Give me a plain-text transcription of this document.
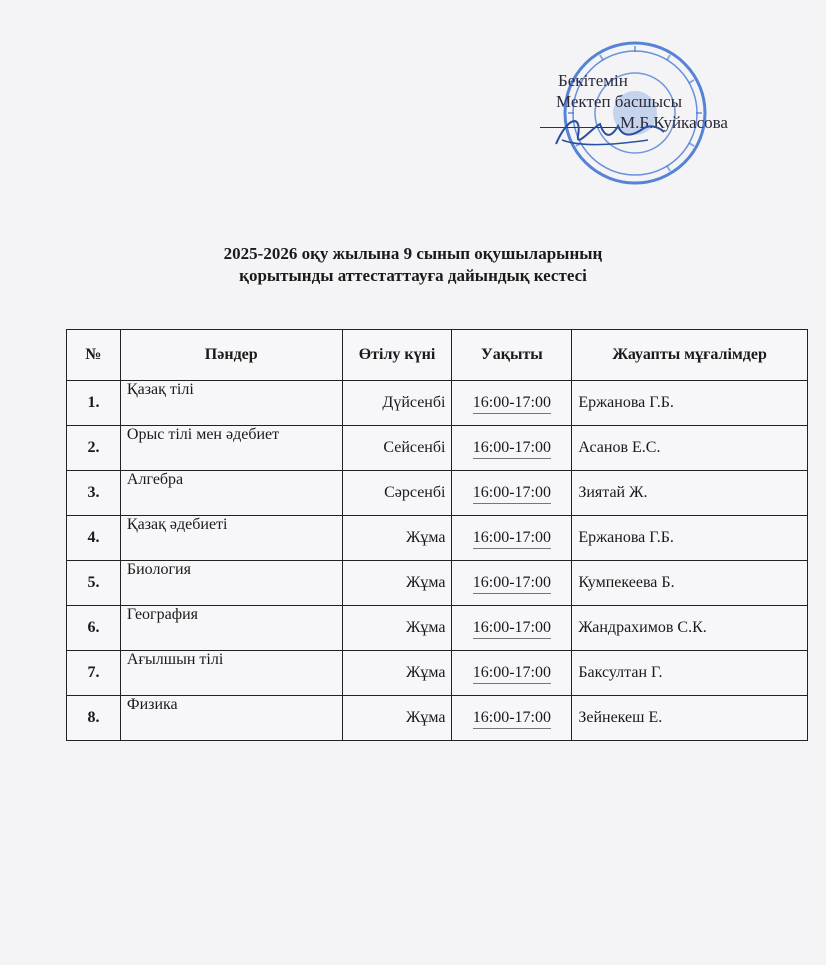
Бекітемін
Мектеп басшысы
М.Б.Куйкасова
2025-2026 оқу жылына 9 сынып оқушыларының
қорытынды аттестаттауға дайындық кестесі
№	Пәндер	Өтілу күні	Уақыты	Жауапты мұғалімдер
1.	Қазақ тілі	Дүйсенбі	16:00-17:00	Ержанова Г.Б.
2.	Орыс тілі мен әдебиет	Сейсенбі	16:00-17:00	Асанов Е.С.
3.	Алгебра	Сәрсенбі	16:00-17:00	Зиятай Ж.
4.	Қазақ әдебиеті	Жұма	16:00-17:00	Ержанова Г.Б.
5.	Биология	Жұма	16:00-17:00	Кумпекеева Б.
6.	География	Жұма	16:00-17:00	Жандрахимов С.К.
7.	Ағылшын тілі	Жұма	16:00-17:00	Баксултан Г.
8.	Физика	Жұма	16:00-17:00	Зейнекеш Е.
